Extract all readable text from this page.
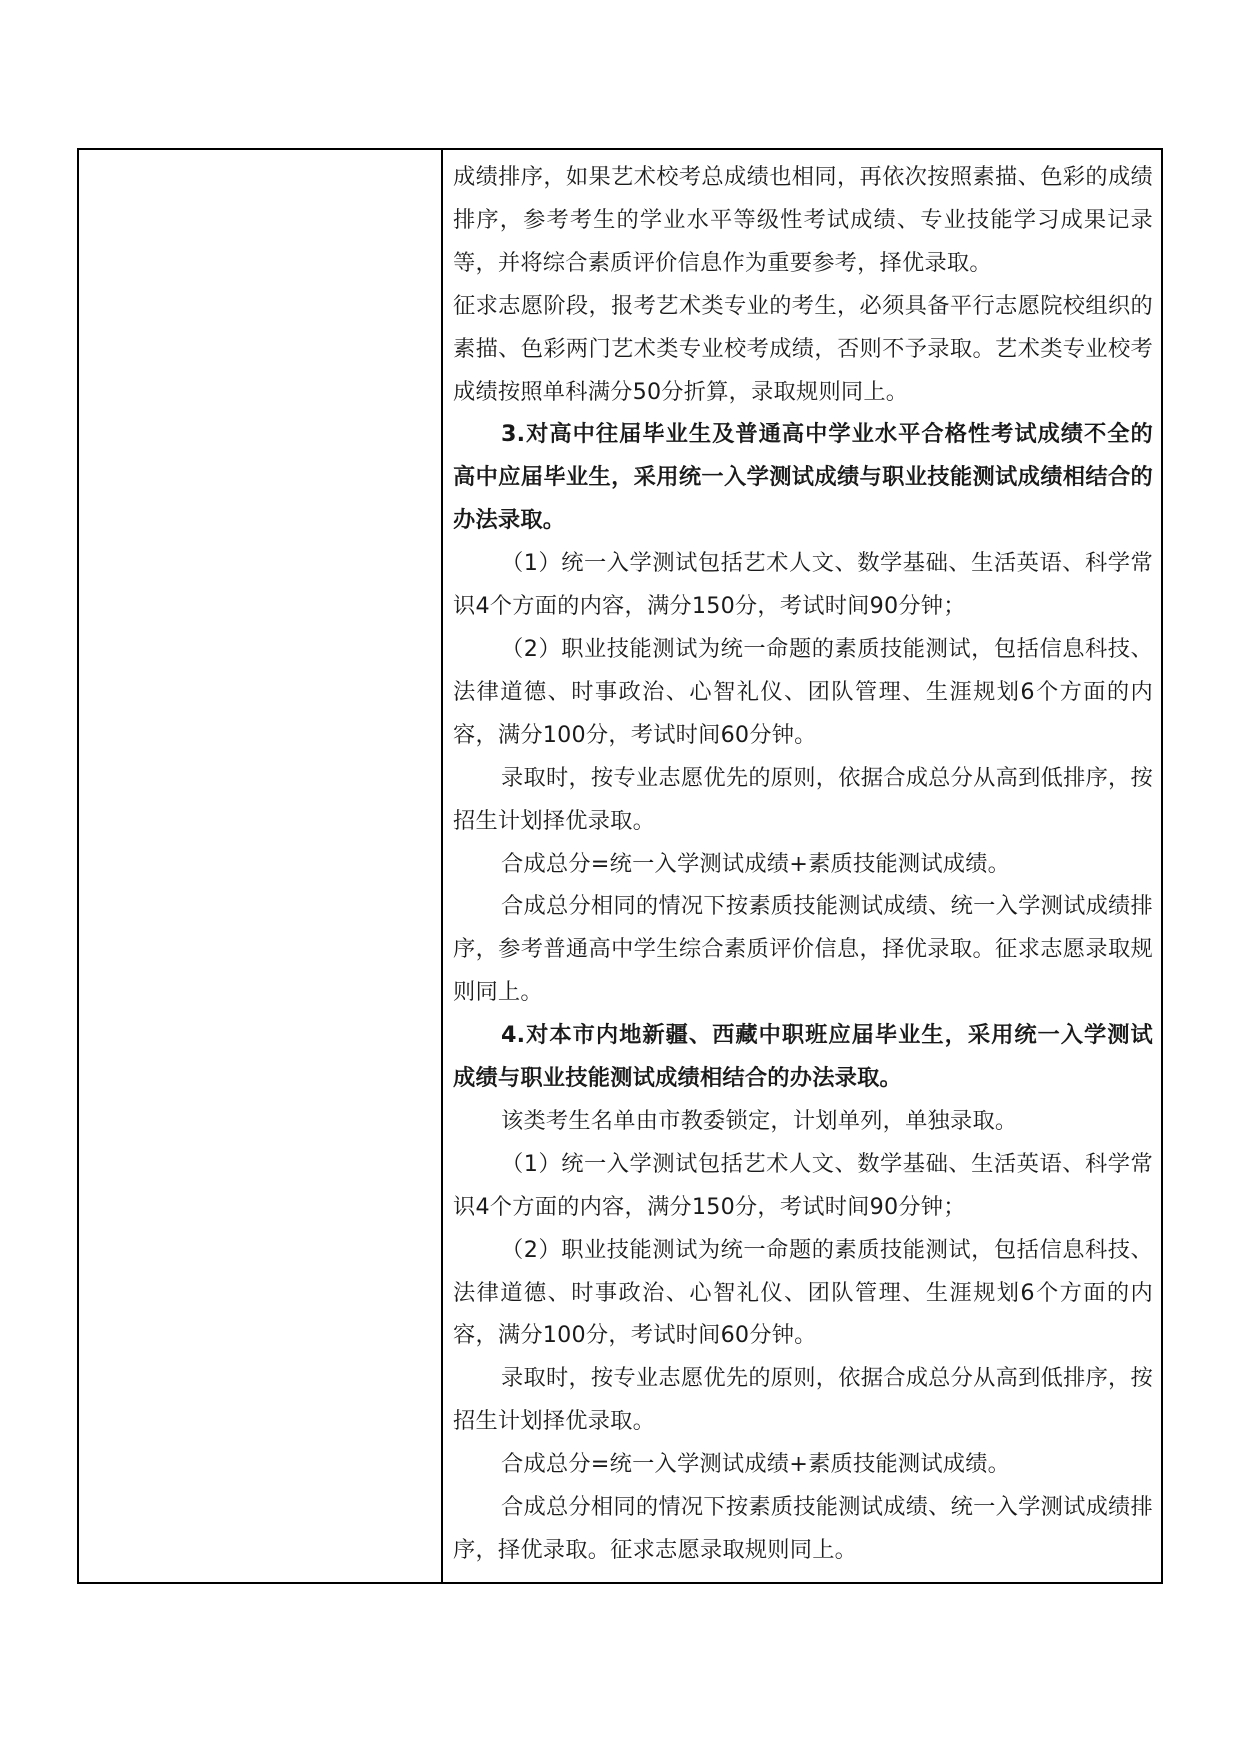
成绩排序，如果艺术校考总成绩也相同，再依次按照素描、色彩的成绩排序，参考考生的学业水平等级性考试成绩、专业技能学习成果记录等，并将综合素质评价信息作为重要参考，择优录取。

征求志愿阶段，报考艺术类专业的考生，必须具备平行志愿院校组织的素描、色彩两门艺术类专业校考成绩，否则不予录取。艺术类专业校考成绩按照单科满分50分折算，录取规则同上。

3.对高中往届毕业生及普通高中学业水平合格性考试成绩不全的高中应届毕业生，采用统一入学测试成绩与职业技能测试成绩相结合的办法录取。

（1）统一入学测试包括艺术人文、数学基础、生活英语、科学常识4个方面的内容，满分150分，考试时间90分钟；

（2）职业技能测试为统一命题的素质技能测试，包括信息科技、法律道德、时事政治、心智礼仪、团队管理、生涯规划6个方面的内容，满分100分，考试时间60分钟。

录取时，按专业志愿优先的原则，依据合成总分从高到低排序，按招生计划择优录取。

合成总分=统一入学测试成绩+素质技能测试成绩。

合成总分相同的情况下按素质技能测试成绩、统一入学测试成绩排序，参考普通高中学生综合素质评价信息，择优录取。征求志愿录取规则同上。

4.对本市内地新疆、西藏中职班应届毕业生，采用统一入学测试成绩与职业技能测试成绩相结合的办法录取。

该类考生名单由市教委锁定，计划单列，单独录取。

（1）统一入学测试包括艺术人文、数学基础、生活英语、科学常识4个方面的内容，满分150分，考试时间90分钟；

（2）职业技能测试为统一命题的素质技能测试，包括信息科技、法律道德、时事政治、心智礼仪、团队管理、生涯规划6个方面的内容，满分100分，考试时间60分钟。

录取时，按专业志愿优先的原则，依据合成总分从高到低排序，按招生计划择优录取。

合成总分=统一入学测试成绩+素质技能测试成绩。

合成总分相同的情况下按素质技能测试成绩、统一入学测试成绩排序，择优录取。征求志愿录取规则同上。
